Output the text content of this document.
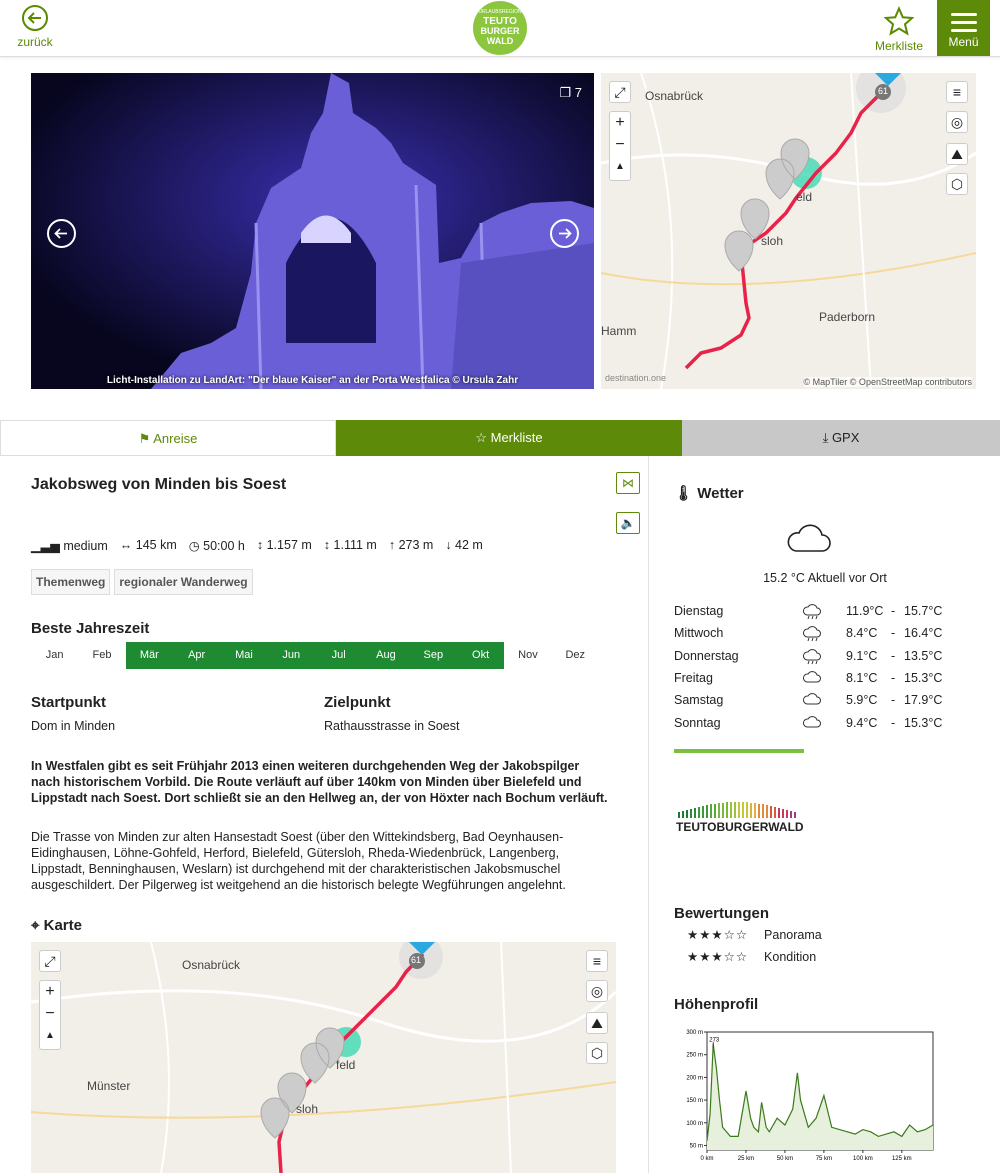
zurück
URLAUBSREGION
TEUTO
BURGER
WALD	Merkliste	Menü
❐ 7
Licht-Installation zu LandArt: "Der blaue Kaiser" an der Porta Westfalica © Ursula Zahr
Osnabrück
Paderborn
Hamm
eld
sloh
61
⤢
+
−
▲
≡
◎
⛰
⬡
destination.one	© MapTiler © OpenStreetMap contributors
⚑ Anreise	☆ Merkliste	⤓ GPX
Jakobsweg von Minden bis Soest	⋈
🔈
▁▃▅ medium ↔ 145 km ◷ 50:00 h ↕ 1.157 m ↕ 1.111 m ↑ 273 m ↓ 42 m
Themenweg	regionaler Wanderweg
Beste Jahreszeit
Jan	Feb	Mär	Apr	Mai	Jun	Jul	Aug	Sep	Okt	Nov	Dez
Startpunkt
Dom in Minden
Zielpunkt
Rathausstrasse in Soest
In Westfalen gibt es seit Frühjahr 2013 einen weiteren durchgehenden Weg der Jakobspilger nach historischem Vorbild. Die Route verläuft auf über 140km von Minden über Bielefeld und Lippstadt nach Soest. Dort schließt sie an den Hellweg an, der von Höxter nach Bochum verläuft.
Die Trasse von Minden zur alten Hansestadt Soest (über den Wittekindsberg, Bad Oeynhausen-Eidinghausen, Löhne-Gohfeld, Herford, Bielefeld, Gütersloh, Rheda-Wiedenbrück, Langenberg, Lippstadt, Benninghausen, Weslarn) ist durchgehend mit der charakteristischen Jakobsmuschel ausgeschildert. Der Pilgerweg ist weitgehend an die historisch belegte Wegführungen angelehnt.
⌖ Karte
Osnabrück
Münster
feld
sloh
61
⤢
+
−
▲
≡
◎
⛰
⬡
🌡 Wetter
15.2 °C Aktuell vor Ort
Dienstag	11.9°C - 15.7°C
Mittwoch	8.4°C - 16.4°C
Donnerstag	9.1°C - 13.5°C
Freitag	8.1°C - 15.3°C
Samstag	5.9°C - 17.9°C
Sonntag	9.4°C - 15.3°C
TEUTOBURGERWALD
Bewertungen
★★★☆☆ Panorama
★★★☆☆ Kondition
Höhenprofil
300 m
250 m
200 m
150 m
100 m
50 m
0 km	25 km	50 km	75 km	100 km	125 km
273
